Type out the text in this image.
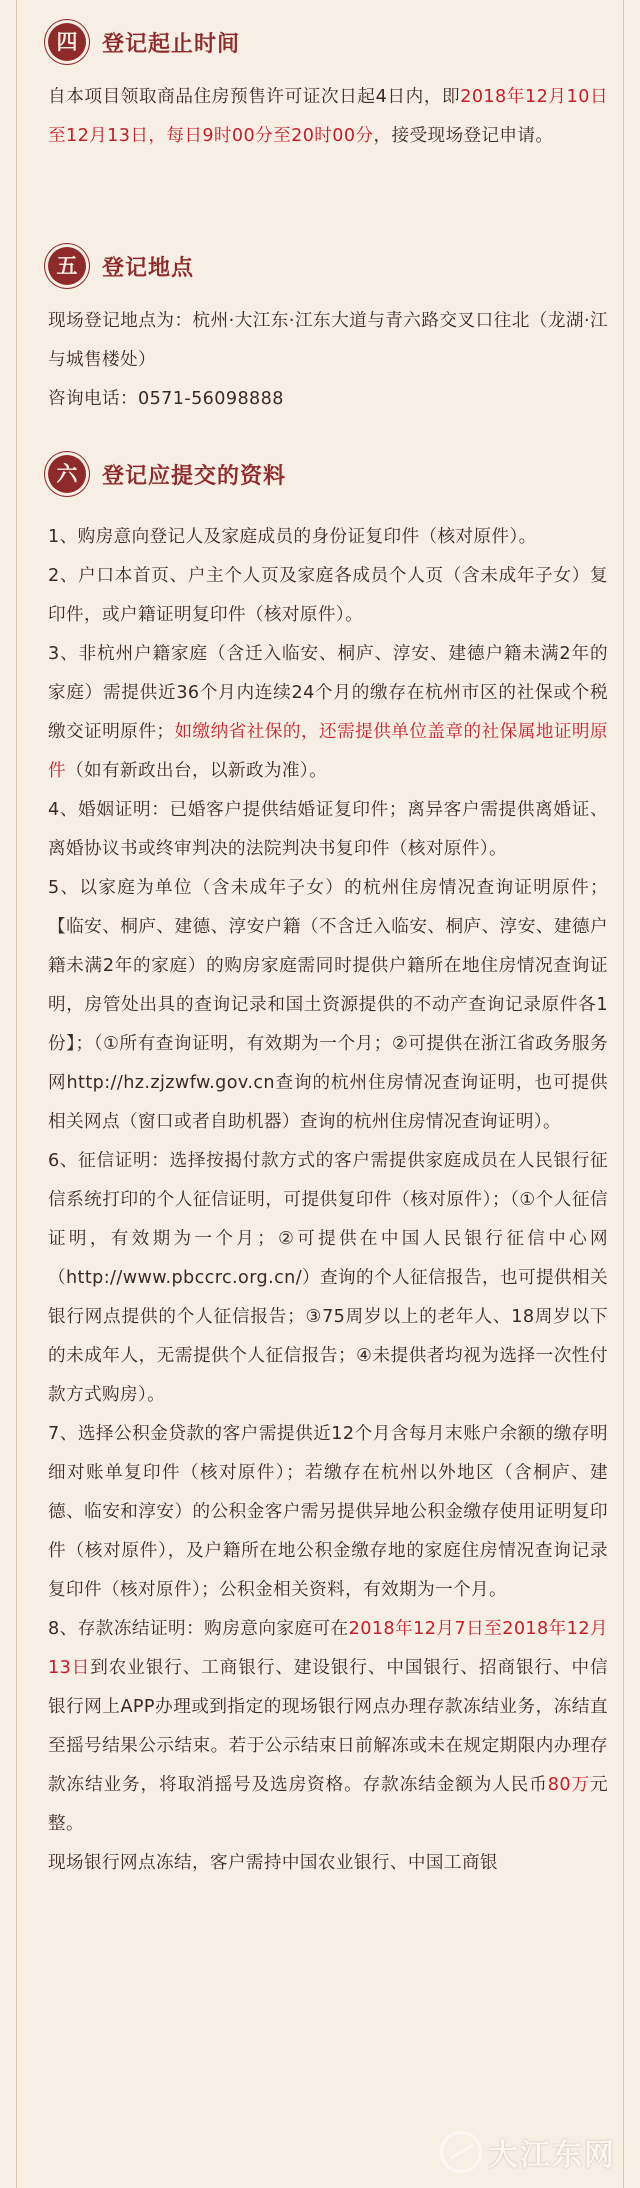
四	登记起止时间

自本项目领取商品住房预售许可证次日起4日内，即2018年12月10日至12月13日，每日9时00分至20时00分，接受现场登记申请。

五	登记地点

现场登记地点为：杭州·大江东·江东大道与青六路交叉口往北（龙湖·江与城售楼处）

咨询电话：0571-56098888

六	登记应提交的资料

1、购房意向登记人及家庭成员的身份证复印件（核对原件）。

2、户口本首页、户主个人页及家庭各成员个人页（含未成年子女）复印件，或户籍证明复印件（核对原件）。

3、非杭州户籍家庭（含迁入临安、桐庐、淳安、建德户籍未满2年的家庭）需提供近36个月内连续24个月的缴存在杭州市区的社保或个税缴交证明原件；如缴纳省社保的，还需提供单位盖章的社保属地证明原件（如有新政出台，以新政为准）。

4、婚姻证明：已婚客户提供结婚证复印件；离异客户需提供离婚证、离婚协议书或终审判决的法院判决书复印件（核对原件）。

5、以家庭为单位（含未成年子女）的杭州住房情况查询证明原件；【临安、桐庐、建德、淳安户籍（不含迁入临安、桐庐、淳安、建德户籍未满2年的家庭）的购房家庭需同时提供户籍所在地住房情况查询证明，房管处出具的查询记录和国土资源提供的不动产查询记录原件各1份】；（①所有查询证明，有效期为一个月；②可提供在浙江省政务服务网http://hz.zjzwfw.gov.cn查询的杭州住房情况查询证明，也可提供相关网点（窗口或者自助机器）查询的杭州住房情况查询证明）。

6、征信证明：选择按揭付款方式的客户需提供家庭成员在人民银行征信系统打印的个人征信证明，可提供复印件（核对原件）；（①个人征信证明，有效期为一个月；②可提供在中国人民银行征信中心网（http://www.pbccrc.org.cn/）查询的个人征信报告，也可提供相关银行网点提供的个人征信报告；③75周岁以上的老年人、18周岁以下的未成年人，无需提供个人征信报告；④未提供者均视为选择一次性付款方式购房）。

7、选择公积金贷款的客户需提供近12个月含每月末账户余额的缴存明细对账单复印件（核对原件）；若缴存在杭州以外地区（含桐庐、建德、临安和淳安）的公积金客户需另提供异地公积金缴存使用证明复印件（核对原件），及户籍所在地公积金缴存地的家庭住房情况查询记录复印件（核对原件）；公积金相关资料，有效期为一个月。

8、存款冻结证明：购房意向家庭可在2018年12月7日至2018年12月13日到农业银行、工商银行、建设银行、中国银行、招商银行、中信银行网上APP办理或到指定的现场银行网点办理存款冻结业务，冻结直至摇号结果公示结束。若于公示结束日前解冻或未在规定期限内办理存款冻结业务，将取消摇号及选房资格。存款冻结金额为人民币80万元整。

现场银行网点冻结，客户需持中国农业银行、中国工商银

大江东网
